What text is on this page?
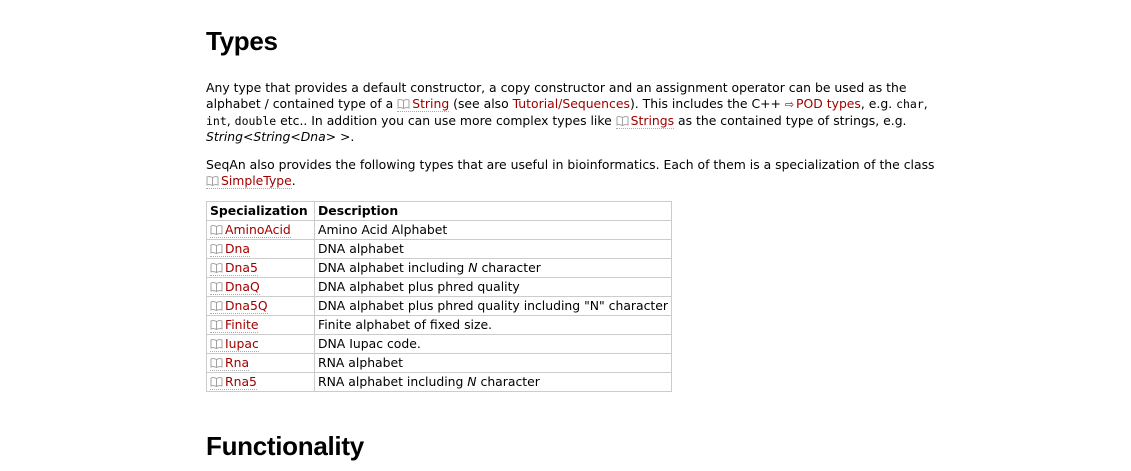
Types

Any type that provides a default constructor, a copy constructor and an assignment operator can be used as the alphabet / contained type of a String (see also Tutorial/Sequences). This includes the C++ ⇨ POD types, e.g. char, int, double etc.. In addition you can use more complex types like Strings as the contained type of strings, e.g. String<String<Dna> >.

SeqAn also provides the following types that are useful in bioinformatics. Each of them is a specialization of the class SimpleType.

Specialization	Description
AminoAcid	Amino Acid Alphabet
Dna	DNA alphabet
Dna5	DNA alphabet including N character
DnaQ	DNA alphabet plus phred quality
Dna5Q	DNA alphabet plus phred quality including "N" character
Finite	Finite alphabet of fixed size.
Iupac	DNA Iupac code.
Rna	RNA alphabet
Rna5	RNA alphabet including N character
Functionality
